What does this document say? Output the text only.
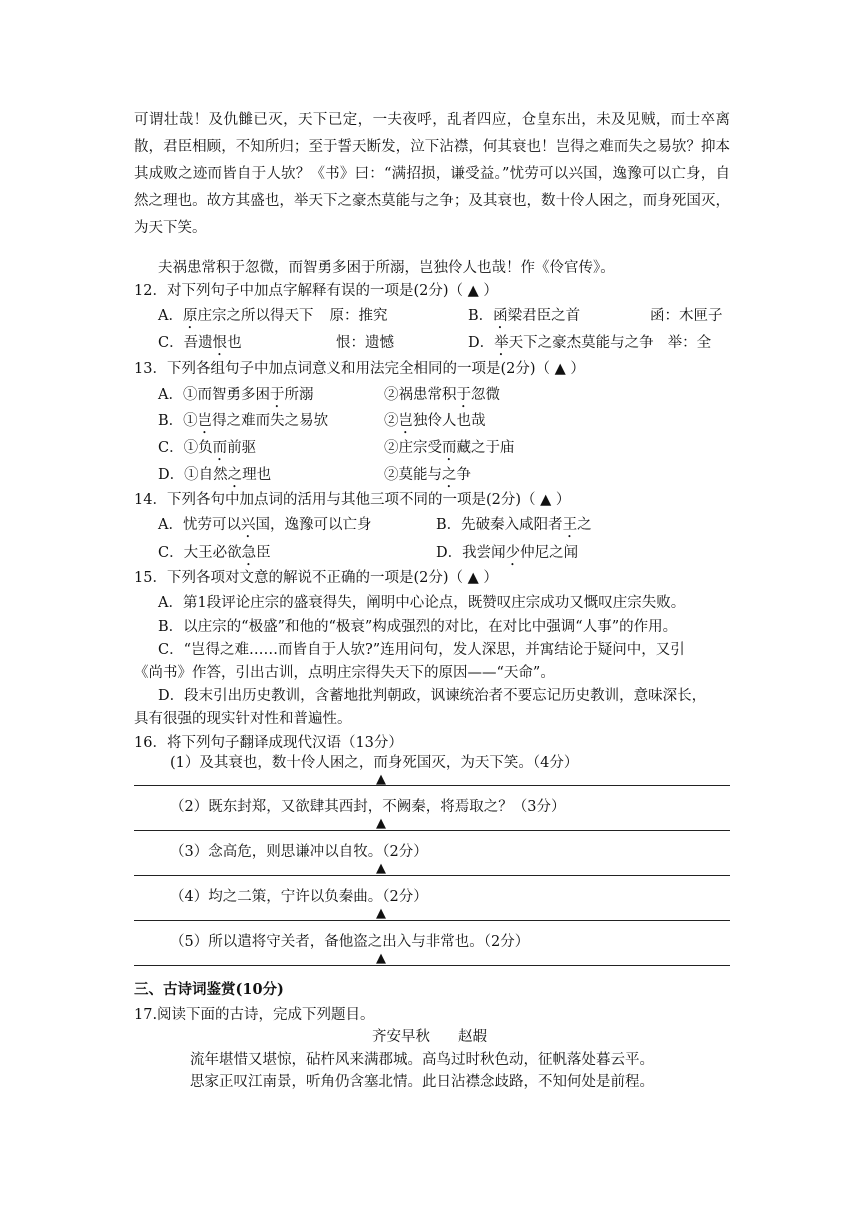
可谓壮哉！及仇雠已灭，天下已定，一夫夜呼，乱者四应，仓皇东出，未及见贼，而士卒离散，君臣相顾，不知所归；至于誓天断发，泣下沾襟，何其衰也！岂得之难而失之易欤？抑本其成败之迹而皆自于人欤？《书》曰：“满招损，谦受益。”忧劳可以兴国，逸豫可以亡身，自然之理也。故方其盛也，举天下之豪杰莫能与之争；及其衰也，数十伶人困之，而身死国灭，为天下笑。
夫祸患常积于忽微，而智勇多困于所溺，岂独伶人也哉！作《伶官传》。
12．对下列句子中加点字解释有误的一项是(2分)（ ▲ ）
A．原庄宗之所以得天下 原：推究	B．函梁君臣之首	函：木匣子
C．吾遗恨也	恨：遗憾	D．举天下之豪杰莫能与之争 举：全
13．下列各组句子中加点词意义和用法完全相同的一项是(2分)（ ▲ ）
A．①而智勇多困于所溺	②祸患常积于忽微
B．①岂得之难而失之易欤	②岂独伶人也哉
C．①负而前驱	②庄宗受而藏之于庙
D．①自然之理也	②莫能与之争
14．下列各句中加点词的活用与其他三项不同的一项是(2分)（ ▲ ）
A．忧劳可以兴国，逸豫可以亡身	B．先破秦入咸阳者王之
C．大王必欲急臣	D．我尝闻少仲尼之闻
15．下列各项对文意的解说不正确的一项是(2分)（ ▲ ）
A．第1段评论庄宗的盛衰得失，阐明中心论点，既赞叹庄宗成功又慨叹庄宗失败。
B．以庄宗的“极盛”和他的“极衰”构成强烈的对比，在对比中强调“人事”的作用。
C．“岂得之难……而皆自于人欤?”连用问句，发人深思，并寓结论于疑问中，又引
《尚书》作答，引出古训，点明庄宗得失天下的原因——“天命”。
D．段末引出历史教训，含蓄地批判朝政，讽谏统治者不要忘记历史教训，意味深长，
具有很强的现实针对性和普遍性。
16．将下列句子翻译成现代汉语（13分）
(1）及其衰也，数十伶人困之，而身死国灭，为天下笑。（4分）
▲
（2）既东封郑，又欲肆其西封，不阙秦，将焉取之？（3分）
▲
（3）念高危，则思谦冲以自牧。（2分）
▲
（4）均之二策，宁许以负秦曲。（2分）
▲
（5）所以遣将守关者，备他盗之出入与非常也。（2分）
▲
三、古诗词鉴赏(10分)
17.阅读下面的古诗，完成下列题目。
齐安早秋 赵嘏
流年堪惜又堪惊，砧杵风来满郡城。高鸟过时秋色动，征帆落处暮云平。
思家正叹江南景，听角仍含塞北情。此日沾襟念歧路，不知何处是前程。
